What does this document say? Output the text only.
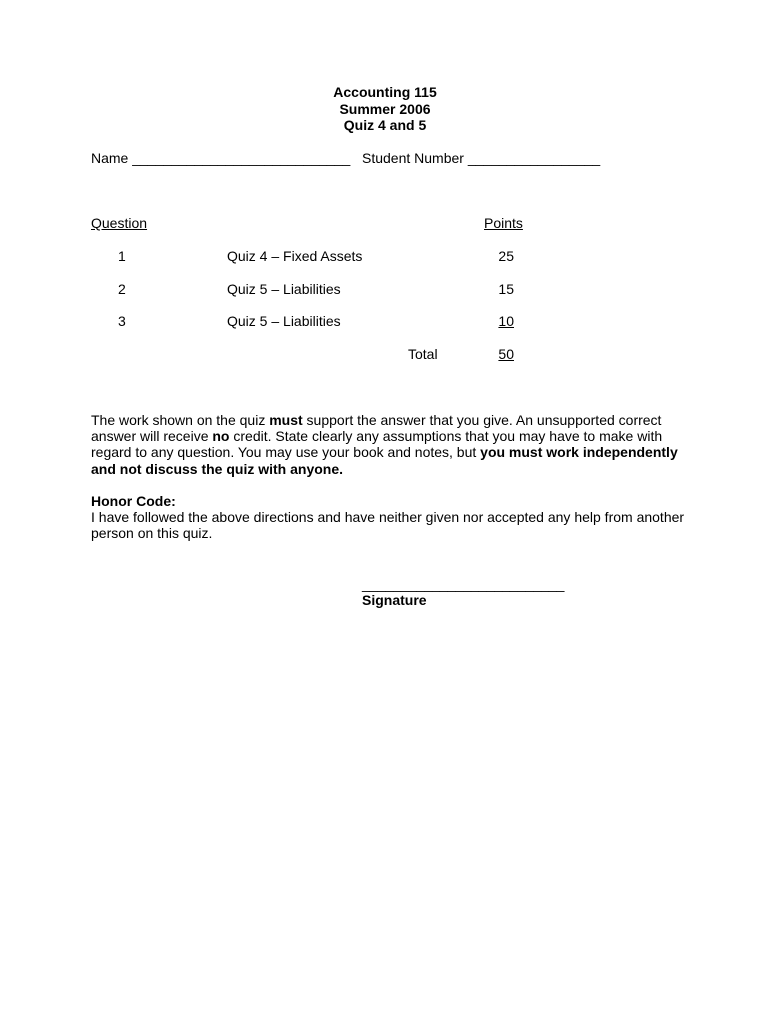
Accounting 115
Summer 2006
Quiz 4 and 5
Name ____________________________ Student Number _________________
Question	Points
1	Quiz 4 – Fixed Assets	25
2	Quiz 5 – Liabilities	15
3	Quiz 5 – Liabilities	10
Total	50
The work shown on the quiz must support the answer that you give. An unsupported correct
answer will receive no credit. State clearly any assumptions that you may have to make with
regard to any question. You may use your book and notes, but you must work independently
and not discuss the quiz with anyone.
Honor Code:
I have followed the above directions and have neither given nor accepted any help from another
person on this quiz.
__________________________
Signature
